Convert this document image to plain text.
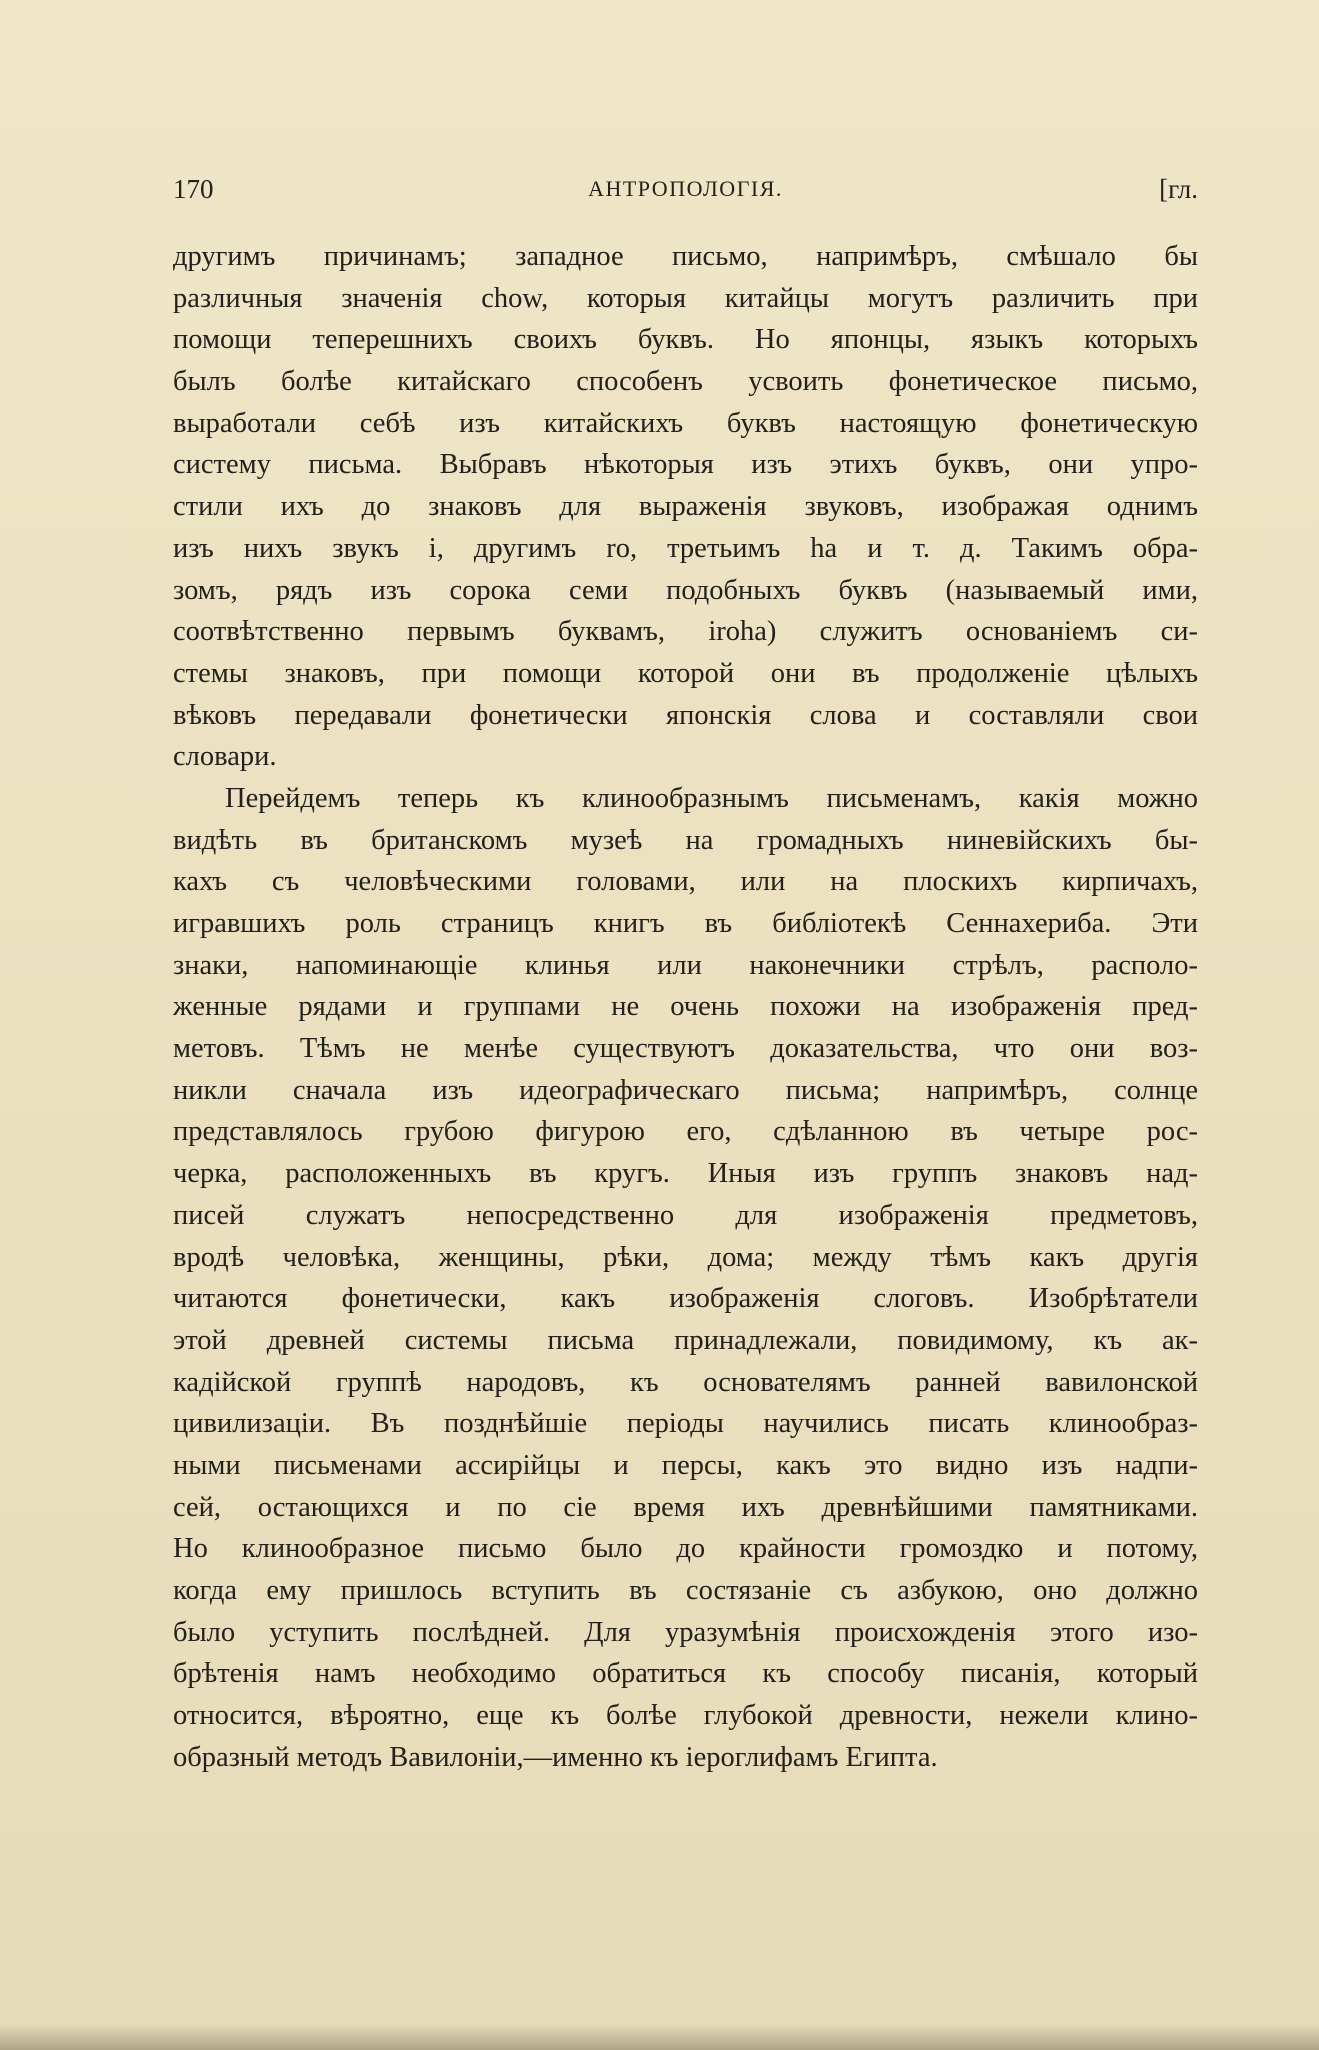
170	АНТРОПОЛОГІЯ.	[гл.
другимъ причинамъ; западное письмо, напримѣръ, смѣшало бы
различныя значенія chow, которыя китайцы могутъ различить при
помощи теперешнихъ своихъ буквъ. Но японцы, языкъ которыхъ
былъ болѣе китайскаго способенъ усвоить фонетическое письмо,
выработали себѣ изъ китайскихъ буквъ настоящую фонетическую
систему письма. Выбравъ нѣкоторыя изъ этихъ буквъ, они упро-
стили ихъ до знаковъ для выраженія звуковъ, изображая однимъ
изъ нихъ звукъ і, другимъ ro, третьимъ ha и т. д. Такимъ обра-
зомъ, рядъ изъ сорока семи подобныхъ буквъ (называемый ими,
соотвѣтственно первымъ буквамъ, іroha) служитъ основаніемъ си-
стемы знаковъ, при помощи которой они въ продолженіе цѣлыхъ
вѣковъ передавали фонетически японскія слова и составляли свои
словари.
Перейдемъ теперь къ клинообразнымъ письменамъ, какія можно
видѣть въ британскомъ музеѣ на громадныхъ ниневійскихъ бы-
кахъ съ человѣческими головами, или на плоскихъ кирпичахъ,
игравшихъ роль страницъ книгъ въ библіотекѣ Сеннахериба. Эти
знаки, напоминающіе клинья или наконечники стрѣлъ, располо-
женные рядами и группами не очень похожи на изображенія пред-
метовъ. Тѣмъ не менѣе существуютъ доказательства, что они воз-
никли сначала изъ идеографическаго письма; напримѣръ, солнце
представлялось грубою фигурою его, сдѣланною въ четыре рос-
черка, расположенныхъ въ кругъ. Иныя изъ группъ знаковъ над-
писей служатъ непосредственно для изображенія предметовъ,
вродѣ человѣка, женщины, рѣки, дома; между тѣмъ какъ другія
читаются фонетически, какъ изображенія слоговъ. Изобрѣтатели
этой древней системы письма принадлежали, повидимому, къ ак-
кадійской группѣ народовъ, къ основателямъ ранней вавилонской
цивилизаціи. Въ позднѣйшіе періоды научились писать клинообраз-
ными письменами ассирійцы и персы, какъ это видно изъ надпи-
сей, остающихся и по сіе время ихъ древнѣйшими памятниками.
Но клинообразное письмо было до крайности громоздко и потому,
когда ему пришлось вступить въ состязаніе съ азбукою, оно должно
было уступить послѣдней. Для уразумѣнія происхожденія этого изо-
брѣтенія намъ необходимо обратиться къ способу писанія, который
относится, вѣроятно, еще къ болѣе глубокой древности, нежели клино-
образный методъ Вавилоніи,—именно къ іероглифамъ Египта.
